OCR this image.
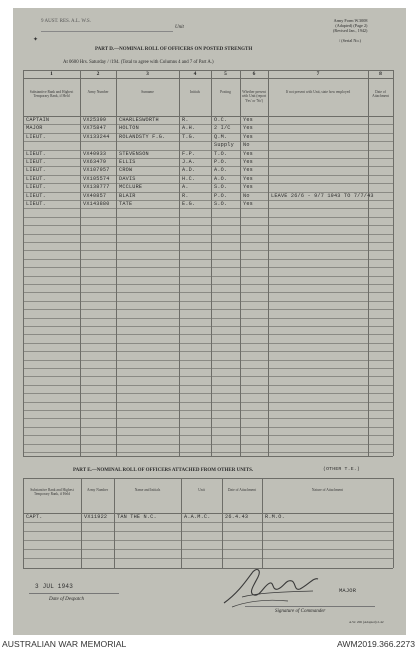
9 AUST. RES. A.L. W.S.
Unit
Army Form W.3008
(Adapted) (Page 2)
(Revised Jan., 1942)
/ (Serial No.)
✦
PART D.—NOMINAL ROLL OF OFFICERS ON POSTED STRENGTH
At 0600 Hrs. Saturday / /194. (Total to agree with Columns 4 and 7 of Part A.)
1	2	3	4	5	6	7	8
Substantive Rank and Highest Temporary Rank, if Held
Army Number	Surname	Initials	Posting	Whether present with Unit (report 'Yes' or 'No')
If not present with Unit, state how employed	Date of Attachment
CAPTAIN	VX25399 CHARLESWORTH	R.	O.C.	Yes
MAJOR	VX75847 HOLTON	A.H.	2 I/C Yes
LIEUT.	VX133244 ROLANDSTY F.G.	T.G.	Q.M.	Yes
Supply No
LIEUT.	VX40933 STEVENSON	F.P.	T.O.	Yes
LIEUT.	VX63479 ELLIS	J.A.	P.O.	Yes
LIEUT.	VX107957 CROW	A.D.	A.O.	Yes
LIEUT.	VX105574 DAVIS	H.C.	A.O.	Yes
LIEUT.	VX138777 MCCLURE	A.	S.O.	Yes
LIEUT.	VX40857 BLAIR	R.	P.O.	No	LEAVE 26/6 - 9/7 1943 TO 7/7/43
LIEUT.	VX143880 TATE	E.G.	S.O.	Yes
PART E.—NOMINAL ROLL OF OFFICERS ATTACHED FROM OTHER UNITS.	(OTHER T.E.)
Substantive Rank and Highest Temporary Rank, if Held
Army Number	Name and Initials	Unit	Date of Attachment	Nature of Attachment
CAPT.	VX11922 TAN THE N.C.	A.A.M.C.	26.4.43	R.M.O.
3 JUL 1943
Date of Despatch
MAJOR
Signature of Commander
A.W. 206 (Adapted) 2-42
AUSTRALIAN WAR MEMORIAL	AWM2019.366.2273
